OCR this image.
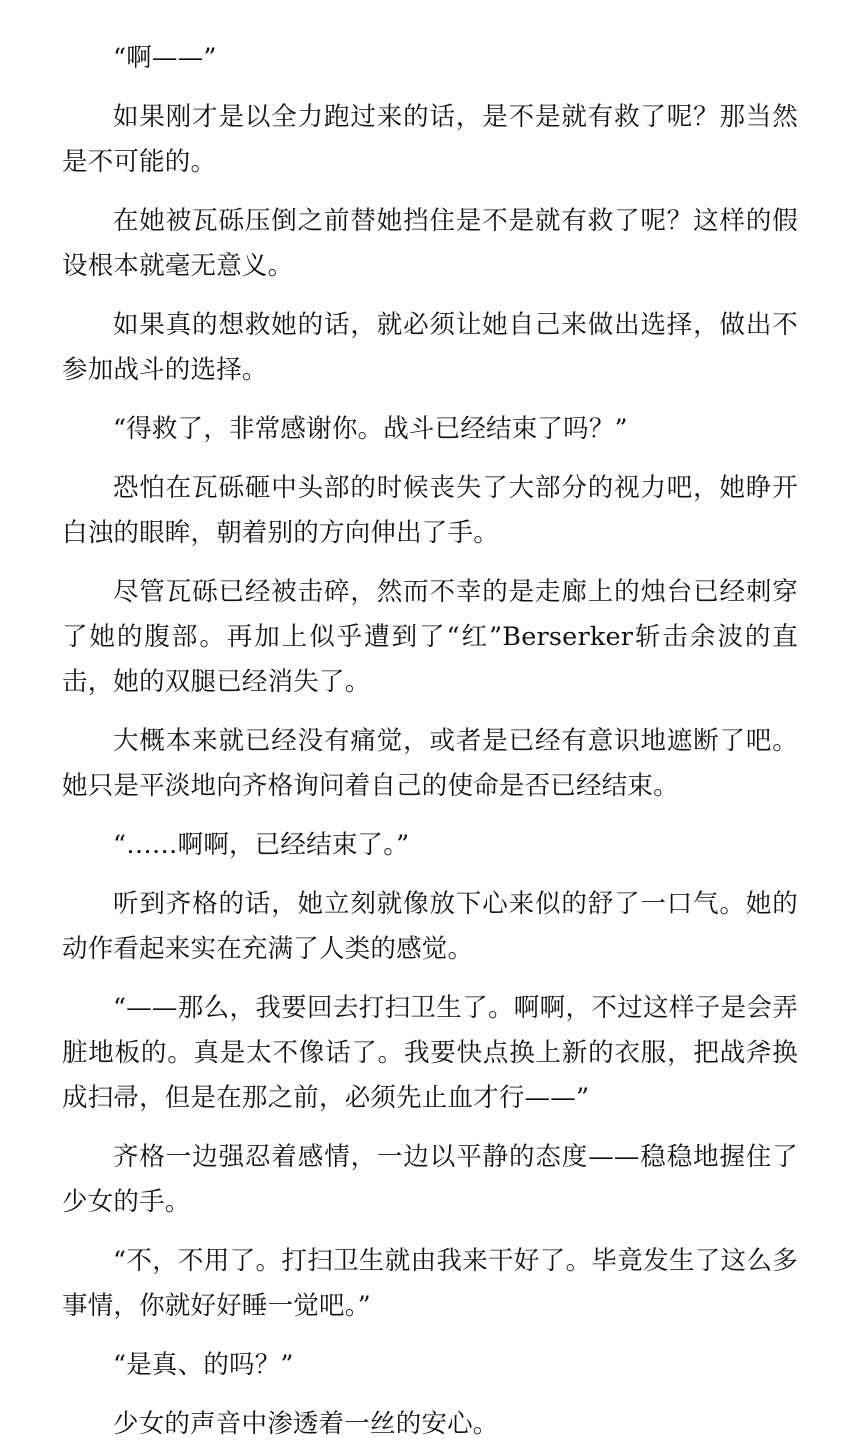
“啊——”

如果刚才是以全力跑过来的话，是不是就有救了呢？那当然是不可能的。

在她被瓦砾压倒之前替她挡住是不是就有救了呢？这样的假设根本就毫无意义。

如果真的想救她的话，就必须让她自己来做出选择，做出不参加战斗的选择。

“得救了，非常感谢你。战斗已经结束了吗？”

恐怕在瓦砾砸中头部的时候丧失了大部分的视力吧，她睁开白浊的眼眸，朝着别的方向伸出了手。

尽管瓦砾已经被击碎，然而不幸的是走廊上的烛台已经刺穿了她的腹部。再加上似乎遭到了“红”Berserker斩击余波的直击，她的双腿已经消失了。

大概本来就已经没有痛觉，或者是已经有意识地遮断了吧。她只是平淡地向齐格询问着自己的使命是否已经结束。

“……啊啊，已经结束了。”

听到齐格的话，她立刻就像放下心来似的舒了一口气。她的动作看起来实在充满了人类的感觉。

“——那么，我要回去打扫卫生了。啊啊，不过这样子是会弄脏地板的。真是太不像话了。我要快点换上新的衣服，把战斧换成扫帚，但是在那之前，必须先止血才行——”

齐格一边强忍着感情，一边以平静的态度——稳稳地握住了少女的手。

“不，不用了。打扫卫生就由我来干好了。毕竟发生了这么多事情，你就好好睡一觉吧。”

“是真、的吗？”

少女的声音中渗透着一丝的安心。
